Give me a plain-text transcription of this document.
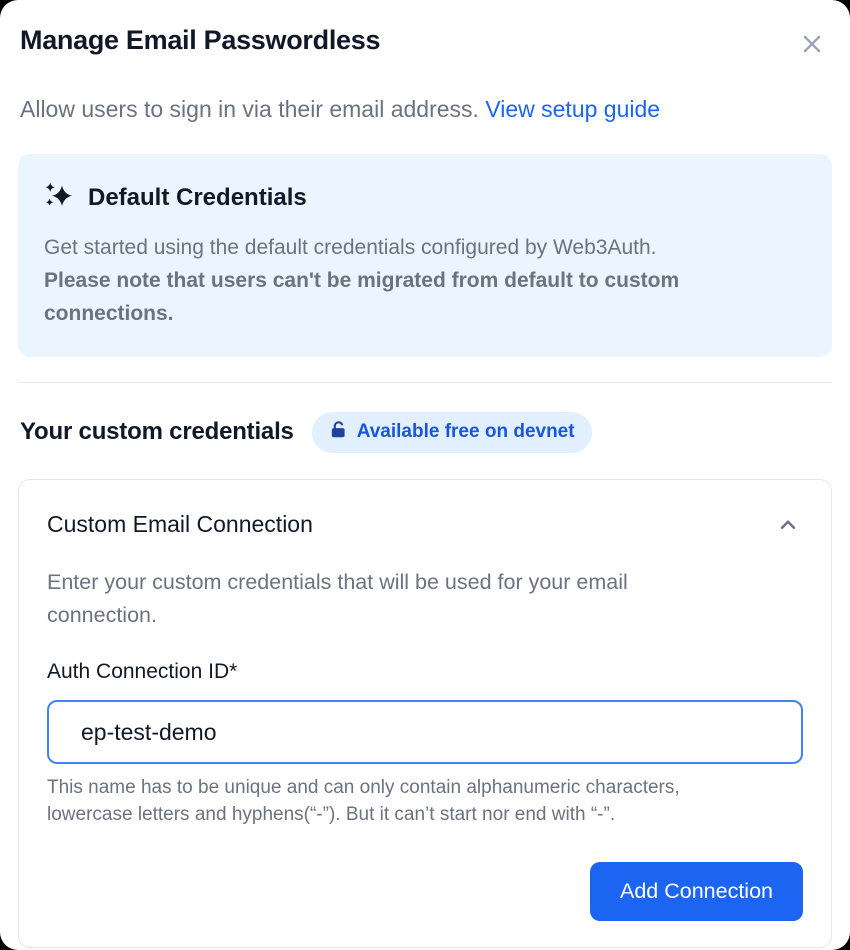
Manage Email Passwordless

Allow users to sign in via their email address. View setup guide

Default Credentials

Get started using the default credentials configured by Web3Auth.
Please note that users can't be migrated from default to custom connections.

Your custom credentials	Available free on devnet
Custom Email Connection

Enter your custom credentials that will be used for your email connection.

Auth Connection ID*
ep-test-demo

This name has to be unique and can only contain alphanumeric characters, lowercase letters and hyphens(“-”). But it can’t start nor end with “-”.

Add Connection
